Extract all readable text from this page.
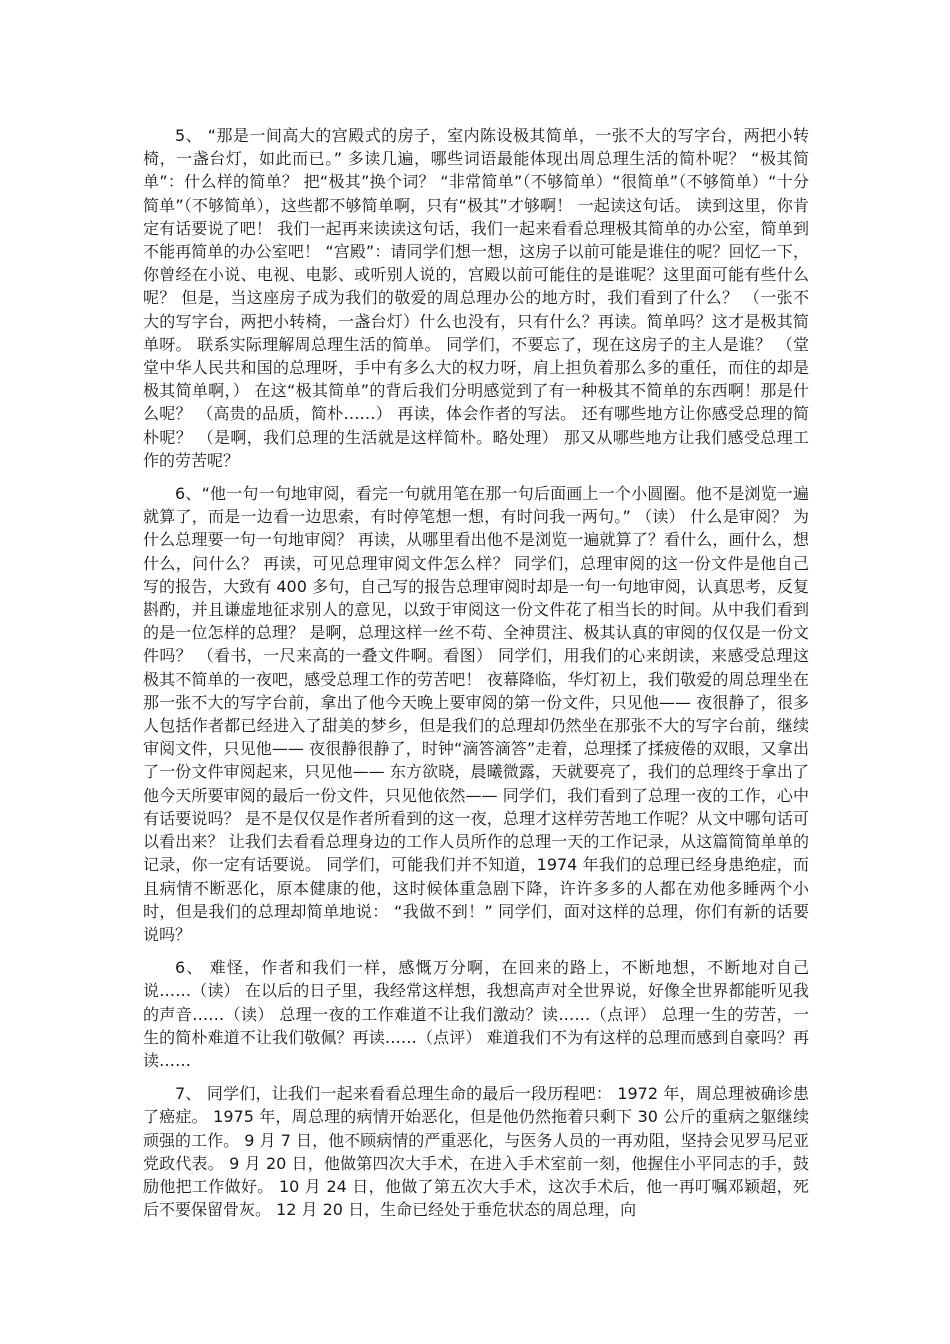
5、 “那是一间高大的宫殿式的房子，室内陈设极其简单，一张不大的写字台，两把小转椅，一盏台灯，如此而已。” 多读几遍，哪些词语最能体现出周总理生活的简朴呢？ “极其简单”：什么样的简单？ 把“极其”换个词？ “非常简单”（不够简单）“很简单”（不够简单）“十分简单”（不够简单），这些都不够简单啊，只有“极其”才够啊！ 一起读这句话。 读到这里，你肯定有话要说了吧！ 我们一起再来读读这句话，我们一起来看看总理极其简单的办公室，简单到不能再简单的办公室吧！ “宫殿”：请同学们想一想，这房子以前可能是谁住的呢？回忆一下，你曾经在小说、电视、电影、或听别人说的，宫殿以前可能住的是谁呢？这里面可能有些什么呢？ 但是，当这座房子成为我们的敬爱的周总理办公的地方时，我们看到了什么？ （一张不大的写字台，两把小转椅，一盏台灯）什么也没有，只有什么？再读。简单吗？这才是极其简单呀。 联系实际理解周总理生活的简单。 同学们，不要忘了，现在这房子的主人是谁？ （堂堂中华人民共和国的总理呀，手中有多么大的权力呀，肩上担负着那么多的重任，而住的却是极其简单啊，） 在这“极其简单”的背后我们分明感觉到了有一种极其不简单的东西啊！那是什么呢？ （高贵的品质，简朴……） 再读，体会作者的写法。 还有哪些地方让你感受总理的简朴呢？ （是啊，我们总理的生活就是这样简朴。略处理） 那又从哪些地方让我们感受总理工作的劳苦呢？

6、“他一句一句地审阅，看完一句就用笔在那一句后面画上一个小圆圈。他不是浏览一遍就算了，而是一边看一边思索，有时停笔想一想，有时问我一两句。” （读） 什么是审阅？ 为什么总理要一句一句地审阅？ 再读，从哪里看出他不是浏览一遍就算了？看什么，画什么，想什么，问什么？ 再读，可见总理审阅文件怎么样？ 同学们，总理审阅的这一份文件是他自己写的报告，大致有 400 多句，自己写的报告总理审阅时却是一句一句地审阅，认真思考，反复斟酌，并且谦虚地征求别人的意见，以致于审阅这一份文件花了相当长的时间。从中我们看到的是一位怎样的总理？ 是啊，总理这样一丝不苟、全神贯注、极其认真的审阅的仅仅是一份文件吗？ （看书，一尺来高的一叠文件啊。看图） 同学们，用我们的心来朗读，来感受总理这极其不简单的一夜吧，感受总理工作的劳苦吧！ 夜幕降临，华灯初上，我们敬爱的周总理坐在那一张不大的写字台前，拿出了他今天晚上要审阅的第一份文件，只见他—— 夜很静了，很多人包括作者都已经进入了甜美的梦乡，但是我们的总理却仍然坐在那张不大的写字台前，继续审阅文件，只见他—— 夜很静很静了，时钟“滴答滴答”走着，总理揉了揉疲倦的双眼，又拿出了一份文件审阅起来，只见他—— 东方欲晓，晨曦微露，天就要亮了，我们的总理终于拿出了他今天所要审阅的最后一份文件，只见他依然—— 同学们，我们看到了总理一夜的工作，心中有话要说吗？ 是不是仅仅是作者所看到的这一夜，总理才这样劳苦地工作呢？从文中哪句话可以看出来？ 让我们去看看总理身边的工作人员所作的总理一天的工作记录，从这篇简简单单的记录，你一定有话要说。 同学们，可能我们并不知道，1974 年我们的总理已经身患绝症，而且病情不断恶化，原本健康的他，这时候体重急剧下降，许许多多的人都在劝他多睡两个小时，但是我们的总理却简单地说： “我做不到！” 同学们，面对这样的总理，你们有新的话要说吗？

6、 难怪，作者和我们一样，感慨万分啊，在回来的路上，不断地想，不断地对自己说……（读） 在以后的日子里，我经常这样想，我想高声对全世界说，好像全世界都能听见我的声音……（读） 总理一夜的工作难道不让我们激动？读……（点评） 总理一生的劳苦，一生的简朴难道不让我们敬佩？再读……（点评） 难道我们不为有这样的总理而感到自豪吗？再读……

7、 同学们，让我们一起来看看总理生命的最后一段历程吧： 1972 年，周总理被确诊患了癌症。 1975 年，周总理的病情开始恶化，但是他仍然拖着只剩下 30 公斤的重病之躯继续顽强的工作。 9 月 7 日，他不顾病情的严重恶化，与医务人员的一再劝阻，坚持会见罗马尼亚党政代表。 9 月 20 日，他做第四次大手术，在进入手术室前一刻，他握住小平同志的手，鼓励他把工作做好。 10 月 24 日，他做了第五次大手术，这次手术后，他一再叮嘱邓颖超，死后不要保留骨灰。 12 月 20 日，生命已经处于垂危状态的周总理，向
